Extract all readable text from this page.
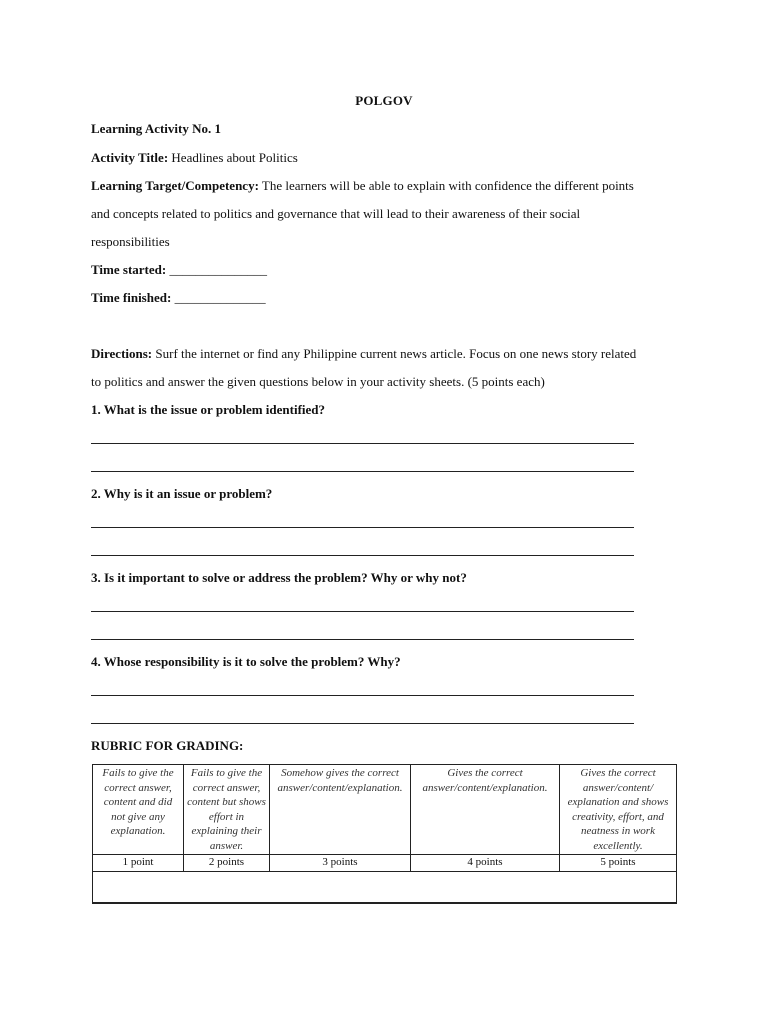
POLGOV
Learning Activity No. 1
Activity Title: Headlines about Politics
Learning Target/Competency: The learners will be able to explain with confidence the different points
and concepts related to politics and governance that will lead to their awareness of their social
responsibilities
Time started: _______________
Time finished: ______________
Directions: Surf the internet or find any Philippine current news article. Focus on one news story related
to politics and answer the given questions below in your activity sheets. (5 points each)
1. What is the issue or problem identified?
2. Why is it an issue or problem?
3. Is it important to solve or address the problem? Why or why not?
4. Whose responsibility is it to solve the problem? Why?
RUBRIC FOR GRADING:
Fails to give the correct answer, content and did not give any explanation.	Fails to give the correct answer, content but shows effort in explaining their answer.	Somehow gives the correct answer/content/explanation.	Gives the correct answer/content/explanation.	Gives the correct answer/content/ explanation and shows creativity, effort, and neatness in work excellently.
1 point	2 points	3 points	4 points	5 points
